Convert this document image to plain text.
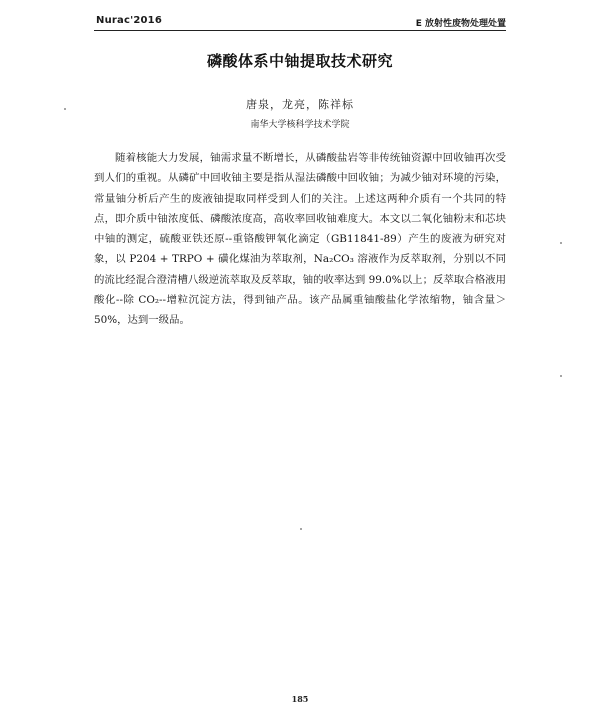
Nurac'2016	E 放射性废物处理处置
磷酸体系中铀提取技术研究
唐泉，龙亮，陈祥标
南华大学核科学技术学院

随着核能大力发展，铀需求量不断增长，从磷酸盐岩等非传统铀资源中回收铀再次受到人们的重视。从磷矿中回收铀主要是指从湿法磷酸中回收铀；为减少铀对环境的污染，常量铀分析后产生的废液铀提取同样受到人们的关注。上述这两种介质有一个共同的特点，即介质中铀浓度低、磷酸浓度高，高收率回收铀难度大。本文以二氧化铀粉末和芯块中铀的测定，硫酸亚铁还原--重铬酸钾氧化滴定（GB11841-89）产生的废液为研究对象，以 P204 + TRPO + 磺化煤油为萃取剂，Na₂CO₃ 溶液作为反萃取剂，分别以不同的流比经混合澄清槽八级逆流萃取及反萃取，铀的收率达到 99.0%以上；反萃取合格液用酸化--除 CO₂--增粒沉淀方法，得到铀产品。该产品属重铀酸盐化学浓缩物，铀含量＞50%，达到一级品。

185
